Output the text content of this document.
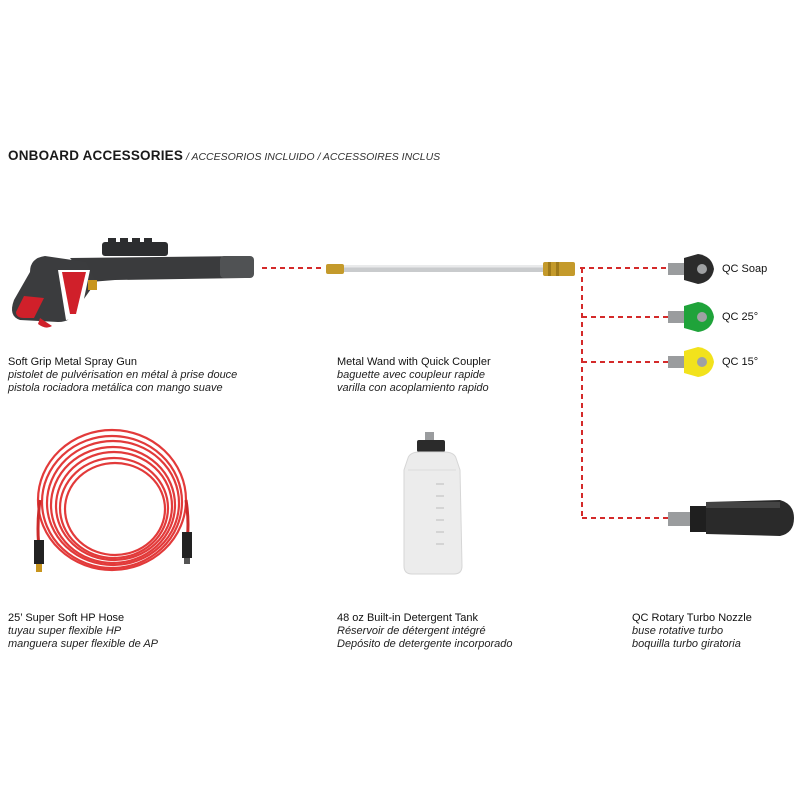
ONBOARD ACCESSORIES / ACCESORIOS INCLUIDO / ACCESSOIRES INCLUS
QC Soap
QC 25°
QC 15°
Soft Grip Metal Spray Gun
pistolet de pulvérisation en métal à prise douce
pistola rociadora metálica con mango suave
Metal Wand with Quick Coupler
baguette avec coupleur rapide
varilla con acoplamiento rapido
25’ Super Soft HP Hose
tuyau super flexible HP
manguera super flexible de AP
48 oz Built-in Detergent Tank
Réservoir de détergent intégré
Depósito de detergente incorporado
QC Rotary Turbo Nozzle
buse rotative turbo
boquilla turbo giratoria
